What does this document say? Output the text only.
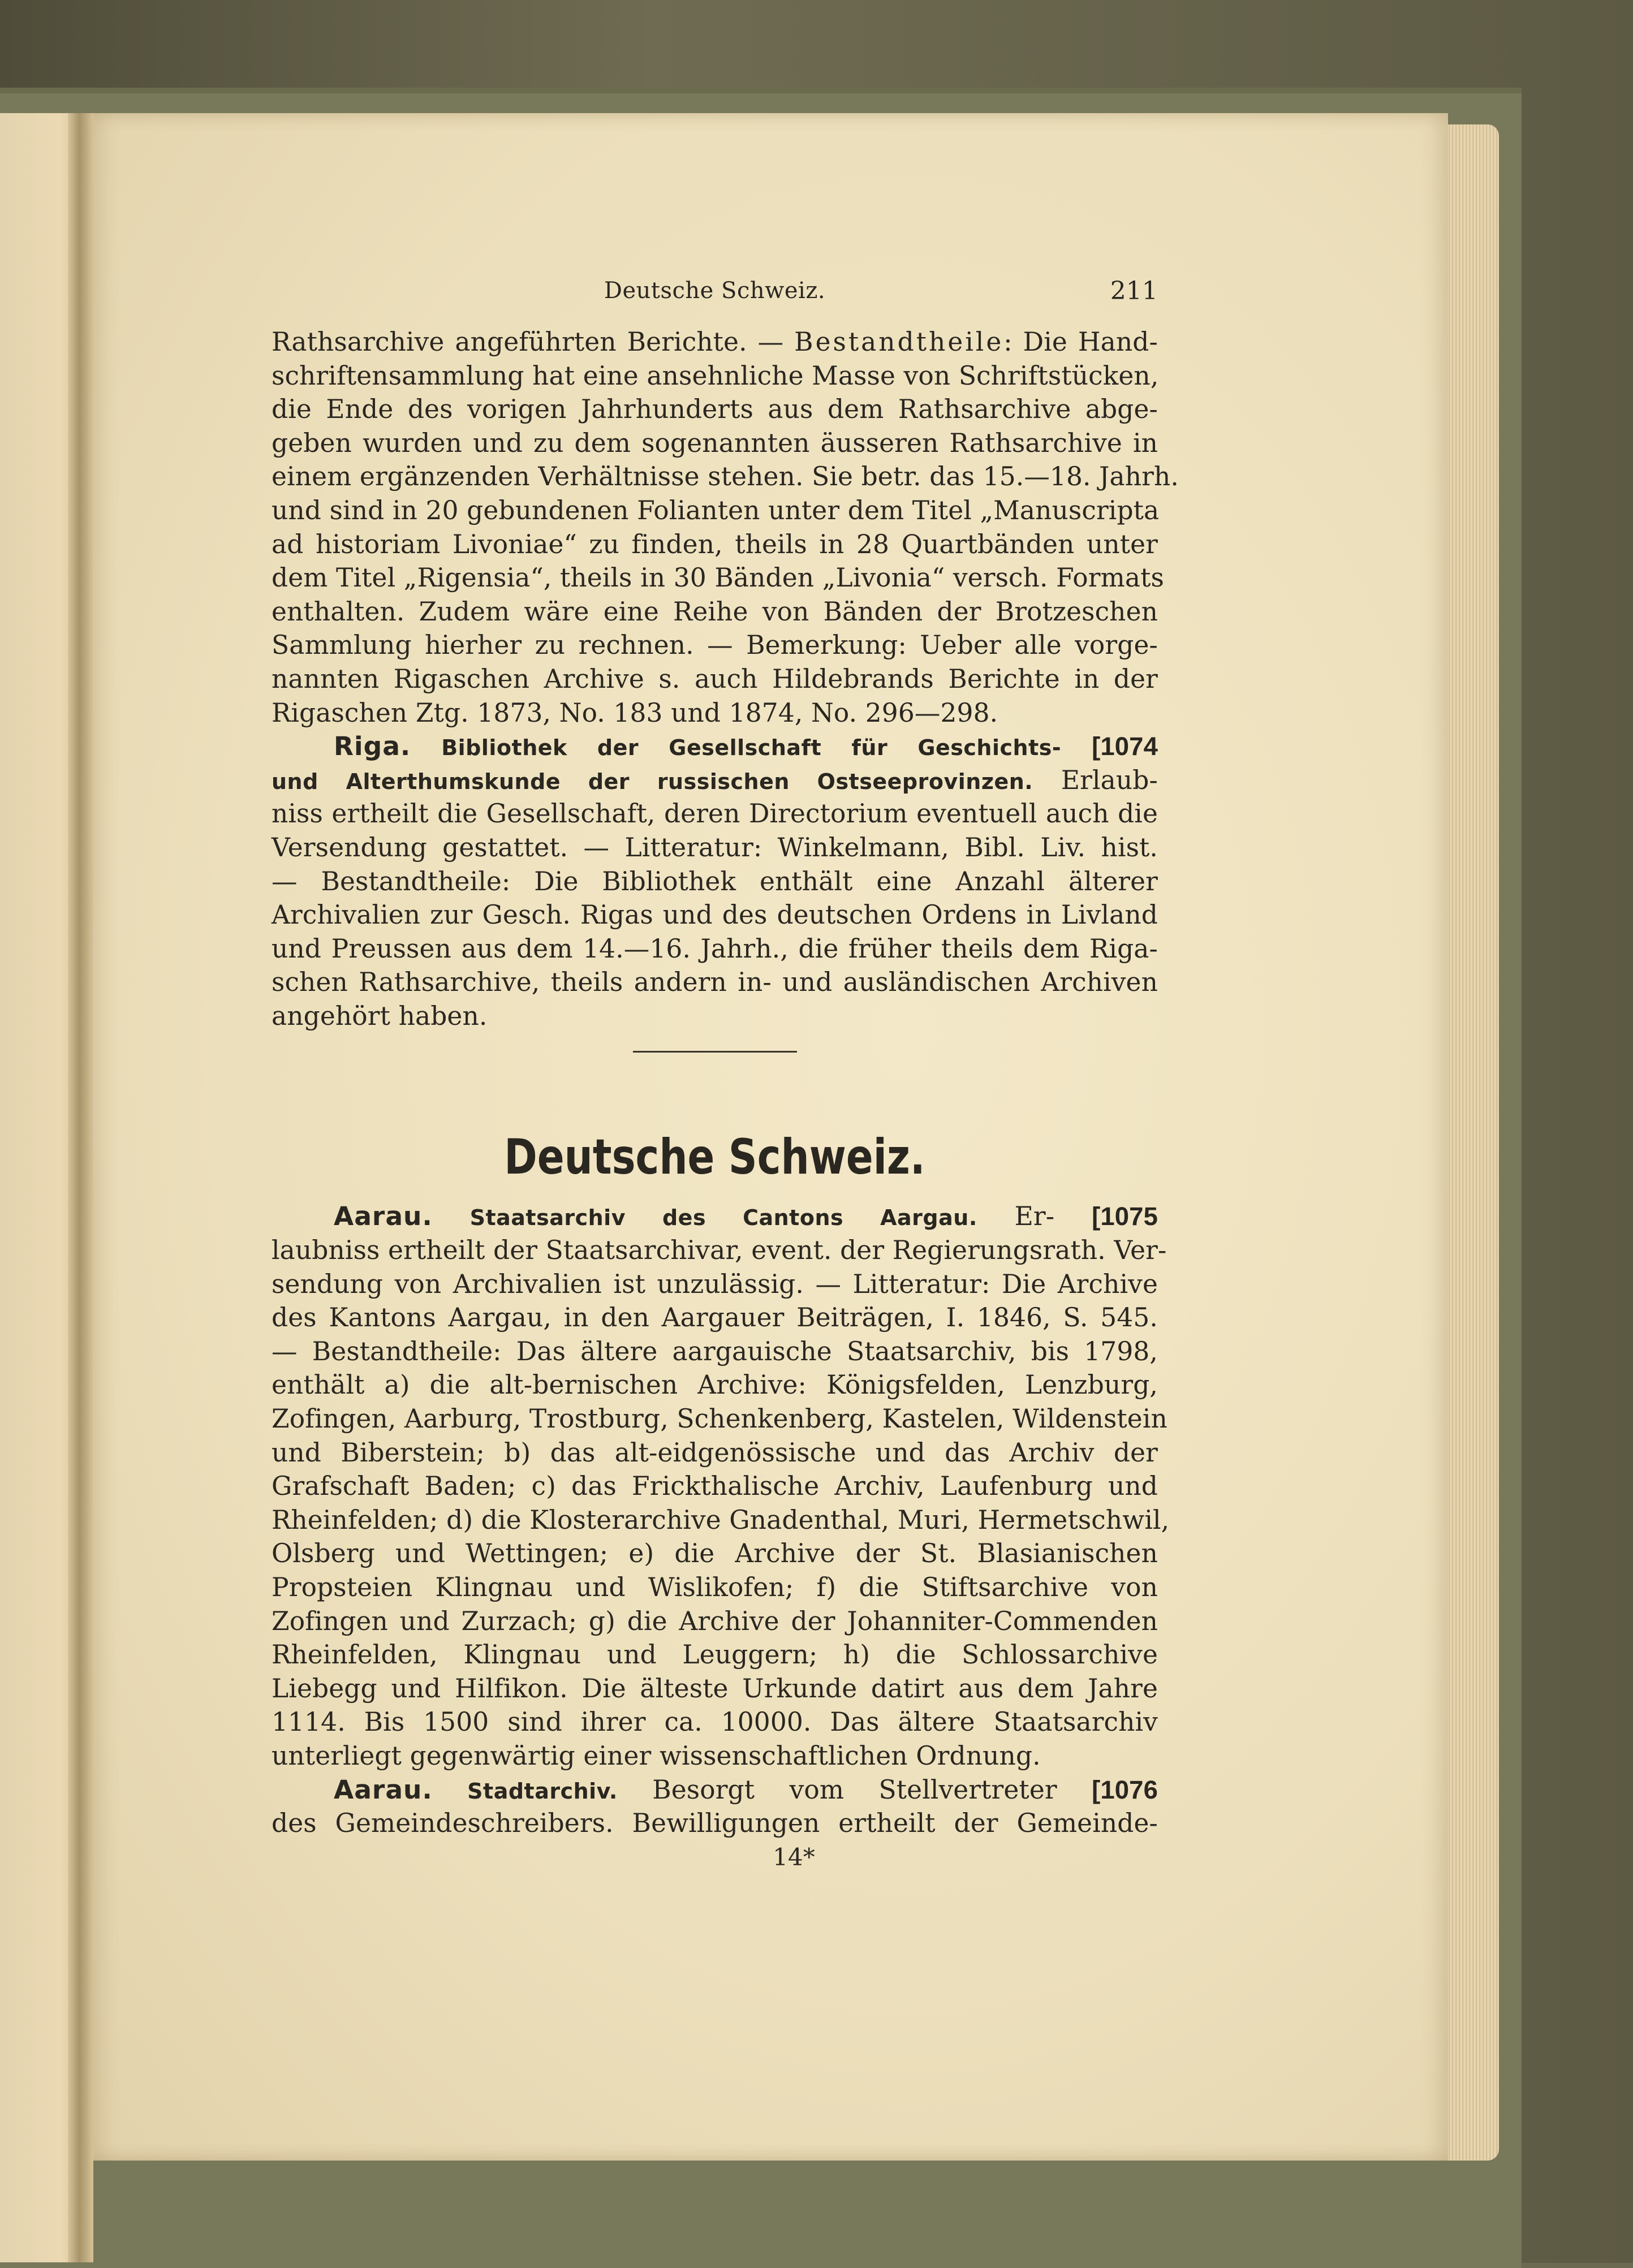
Deutsche Schweiz.	211
Rathsarchive angeführten Berichte. — Bestandtheile: Die Hand-
schriftensammlung hat eine ansehnliche Masse von Schriftstücken,
die Ende des vorigen Jahrhunderts aus dem Rathsarchive abge-
geben wurden und zu dem sogenannten äusseren Rathsarchive in
einem ergänzenden Verhältnisse stehen. Sie betr. das 15.—18. Jahrh.
und sind in 20 gebundenen Folianten unter dem Titel „Manuscripta
ad historiam Livoniae“ zu finden, theils in 28 Quartbänden unter
dem Titel „Rigensia“, theils in 30 Bänden „Livonia“ versch. Formats
enthalten. Zudem wäre eine Reihe von Bänden der Brotzeschen
Sammlung hierher zu rechnen. — Bemerkung: Ueber alle vorge-
nannten Rigaschen Archive s. auch Hildebrands Berichte in der
Rigaschen Ztg. 1873, No. 183 und 1874, No. 296—298.
Riga. Bibliothek der Gesellschaft für Geschichts- [1074
und Alterthumskunde der russischen Ostseeprovinzen. Erlaub-
niss ertheilt die Gesellschaft, deren Directorium eventuell auch die
Versendung gestattet. — Litteratur: Winkelmann, Bibl. Liv. hist.
— Bestandtheile: Die Bibliothek enthält eine Anzahl älterer
Archivalien zur Gesch. Rigas und des deutschen Ordens in Livland
und Preussen aus dem 14.—16. Jahrh., die früher theils dem Riga-
schen Rathsarchive, theils andern in- und ausländischen Archiven
angehört haben.
Deutsche Schweiz.
Aarau. Staatsarchiv des Cantons Aargau. Er- [1075
laubniss ertheilt der Staatsarchivar, event. der Regierungsrath. Ver-
sendung von Archivalien ist unzulässig. — Litteratur: Die Archive
des Kantons Aargau, in den Aargauer Beiträgen, I. 1846, S. 545.
— Bestandtheile: Das ältere aargauische Staatsarchiv, bis 1798,
enthält a) die alt-bernischen Archive: Königsfelden, Lenzburg,
Zofingen, Aarburg, Trostburg, Schenkenberg, Kastelen, Wildenstein
und Biberstein; b) das alt-eidgenössische und das Archiv der
Grafschaft Baden; c) das Frickthalische Archiv, Laufenburg und
Rheinfelden; d) die Klosterarchive Gnadenthal, Muri, Hermetschwil,
Olsberg und Wettingen; e) die Archive der St. Blasianischen
Propsteien Klingnau und Wislikofen; f) die Stiftsarchive von
Zofingen und Zurzach; g) die Archive der Johanniter-Commenden
Rheinfelden, Klingnau und Leuggern; h) die Schlossarchive
Liebegg und Hilfikon. Die älteste Urkunde datirt aus dem Jahre
1114. Bis 1500 sind ihrer ca. 10000. Das ältere Staatsarchiv
unterliegt gegenwärtig einer wissenschaftlichen Ordnung.
Aarau. Stadtarchiv. Besorgt vom Stellvertreter [1076
des Gemeindeschreibers. Bewilligungen ertheilt der Gemeinde-
14*
